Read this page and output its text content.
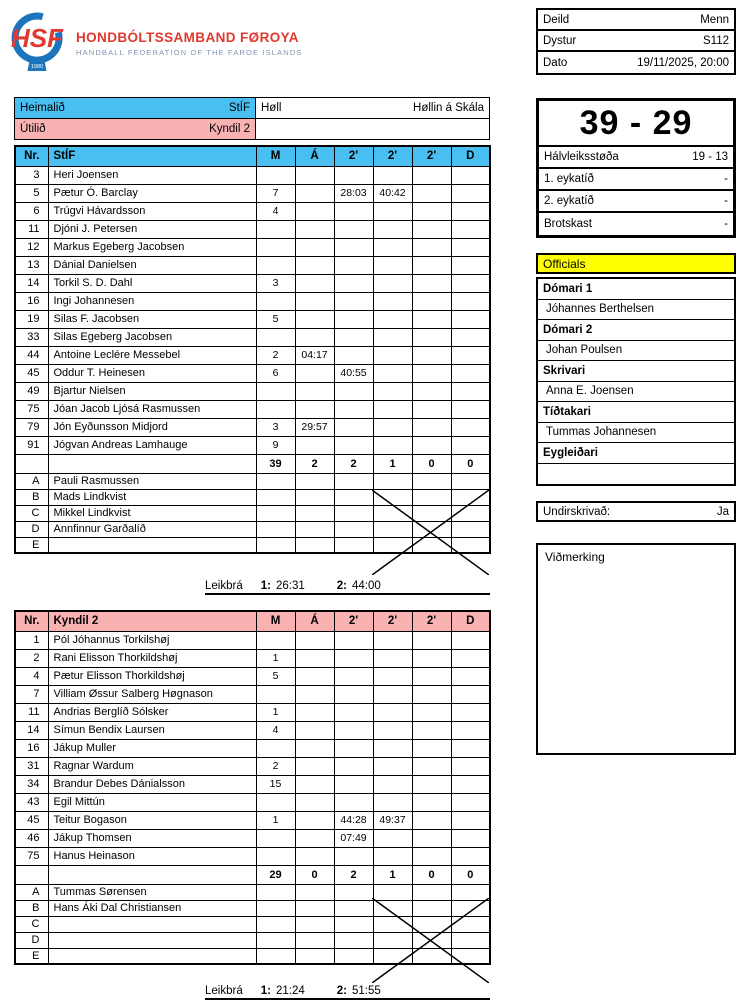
HSF
1980
HONDBÓLTSSAMBAND FØROYA
HANDBALL FEDERATION OF THE FAROE ISLANDS
Deild	Menn
Dystur	S112
Dato	19/11/2025, 20:00
Heimalið StÍF	Høll Høllin á Skála

Útilið Kyndil 2	

Nr.	StÍF	M	Á	2'	2'	2'	D
3	Heri Joensen						
5	Pætur Ó. Barclay	7		28:03	40:42		
6	Trúgvi Hávardsson	4					
11	Djóni J. Petersen						
12	Markus Egeberg Jacobsen						
13	Dánial Danielsen						
14	Torkil S. D. Dahl	3					
16	Ingi Johannesen						
19	Silas F. Jacobsen	5					
33	Silas Egeberg Jacobsen						
44	Antoine Leclére Messebel	2	04:17				
45	Oddur T. Heinesen	6		40:55			
49	Bjartur Nielsen						
75	Jóan Jacob Ljósá Rasmussen						
79	Jón Eyðunsson Midjord	3	29:57				
91	Jógvan Andreas Lamhauge	9					
		39	2	2	1	0	0
A	Pauli Rasmussen						
B	Mads Lindkvist						
C	Mikkel Lindkvist						
D	Annfinnur Garðalíð						
E							
Leikbrá 1: 26:31	2: 44:00
Nr.	Kyndil 2	M	Á	2'	2'	2'	D
1	Pól Jóhannus Torkilshøj						
2	Rani Elisson Thorkildshøj	1					
4	Pætur Elisson Thorkildshøj	5					
7	Villiam Øssur Salberg Høgnason						
11	Andrias Berglíð Sólsker	1					
14	Símun Bendix Laursen	4					
16	Jákup Muller						
31	Ragnar Wardum	2					
34	Brandur Debes Dánialsson	15					
43	Egil Mittún						
45	Teitur Bogason	1		44:28	49:37		
46	Jákup Thomsen			07:49			
75	Hanus Heinason						
		29	0	2	1	0	0
A	Tummas Sørensen						
B	Hans Áki Dal Christiansen						
C							
D							
E							
Leikbrá 1: 21:24	2: 51:55
39 - 29
Hálvleiksstøða	19 - 13
1. eykatíð	-
2. eykatíð	-
Brotskast	-
Officials
Dómari 1
Jóhannes Berthelsen
Dómari 2
Johan Poulsen
Skrivari
Anna E. Joensen
Tíðtakari
Tummas Johannesen
Eygleiðari
Undirskrivað:	Ja
Viðmerking
